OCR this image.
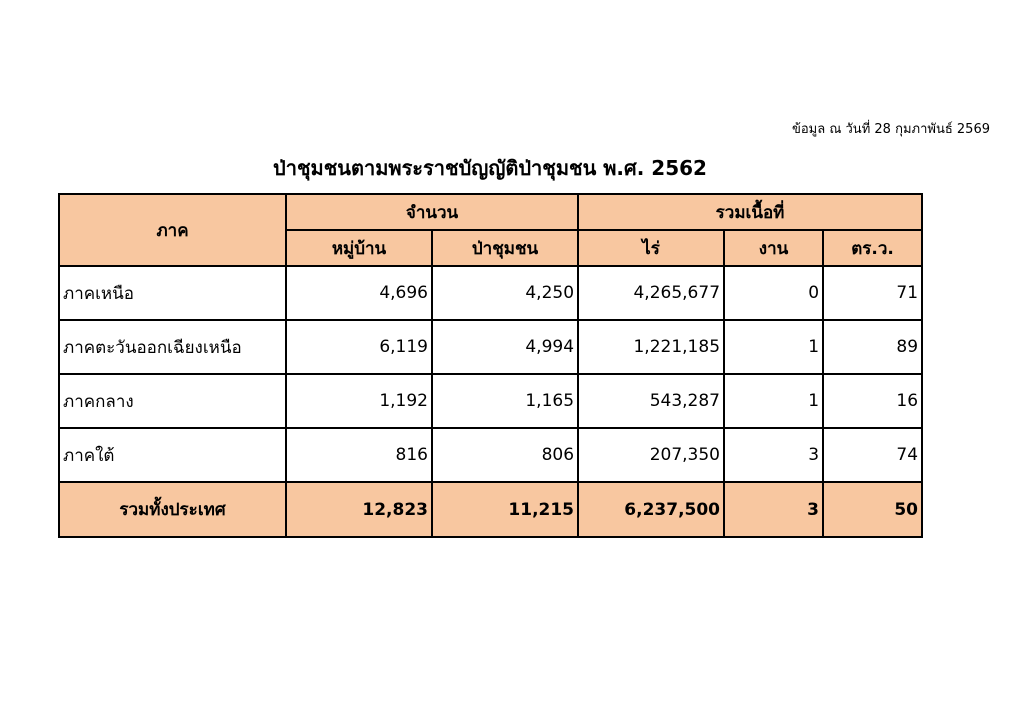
ข้อมูล ณ วันที่ 28 กุมภาพันธ์ 2569
ป่าชุมชนตามพระราชบัญญัติป่าชุมชน พ.ศ. 2562
ภาค	จำนวน		รวมเนื้อที่		
	หมู่บ้าน	ป่าชุมชน	ไร่	งาน	ตร.ว.
ภาคเหนือ	4,696	4,250	4,265,677	0	71
ภาคตะวันออกเฉียงเหนือ	6,119	4,994	1,221,185	1	89
ภาคกลาง	1,192	1,165	543,287	1	16
ภาคใต้	816	806	207,350	3	74
รวมทั้งประเทศ	12,823	11,215	6,237,500	3	50
